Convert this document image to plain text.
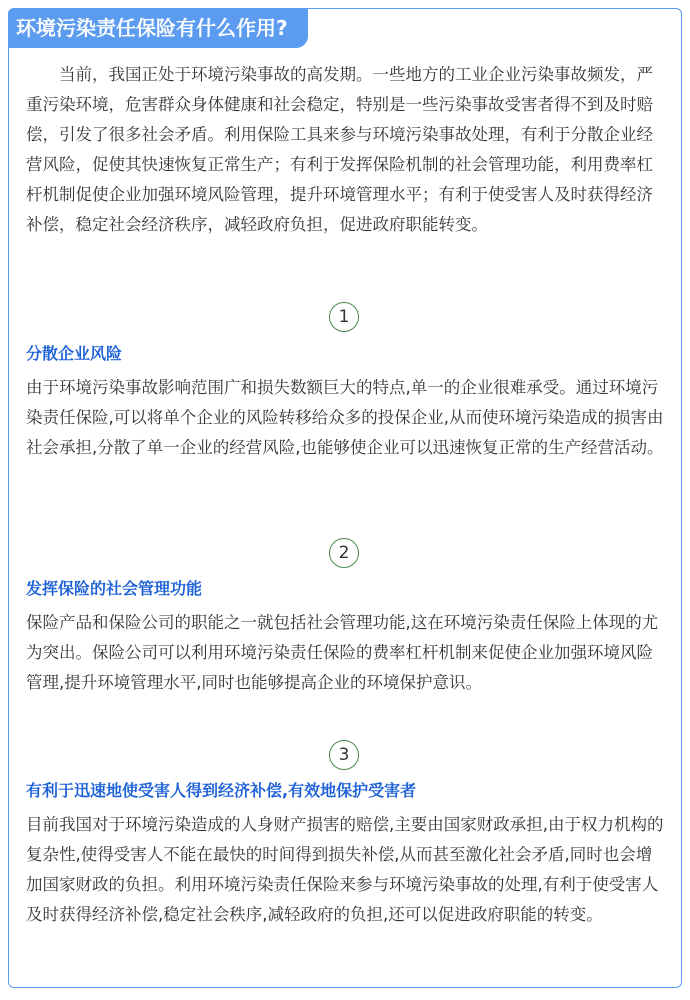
环境污染责任保险有什么作用?

当前，我国正处于环境污染事故的高发期。一些地方的工业企业污染事故频发，严重污染环境，危害群众身体健康和社会稳定，特别是一些污染事故受害者得不到及时赔偿，引发了很多社会矛盾。利用保险工具来参与环境污染事故处理，有利于分散企业经营风险，促使其快速恢复正常生产；有利于发挥保险机制的社会管理功能，利用费率杠杆机制促使企业加强环境风险管理，提升环境管理水平；有利于使受害人及时获得经济补偿，稳定社会经济秩序，减轻政府负担，促进政府职能转变。

1
分散企业风险

由于环境污染事故影响范围广和损失数额巨大的特点,单一的企业很难承受。通过环境污染责任保险,可以将单个企业的风险转移给众多的投保企业,从而使环境污染造成的损害由社会承担,分散了单一企业的经营风险,也能够使企业可以迅速恢复正常的生产经营活动。

2
发挥保险的社会管理功能

保险产品和保险公司的职能之一就包括社会管理功能,这在环境污染责任保险上体现的尤为突出。保险公司可以利用环境污染责任保险的费率杠杆机制来促使企业加强环境风险管理,提升环境管理水平,同时也能够提高企业的环境保护意识。

3
有利于迅速地使受害人得到经济补偿,有效地保护受害者

目前我国对于环境污染造成的人身财产损害的赔偿,主要由国家财政承担,由于权力机构的复杂性,使得受害人不能在最快的时间得到损失补偿,从而甚至激化社会矛盾,同时也会增加国家财政的负担。利用环境污染责任保险来参与环境污染事故的处理,有利于使受害人及时获得经济补偿,稳定社会秩序,减轻政府的负担,还可以促进政府职能的转变。
